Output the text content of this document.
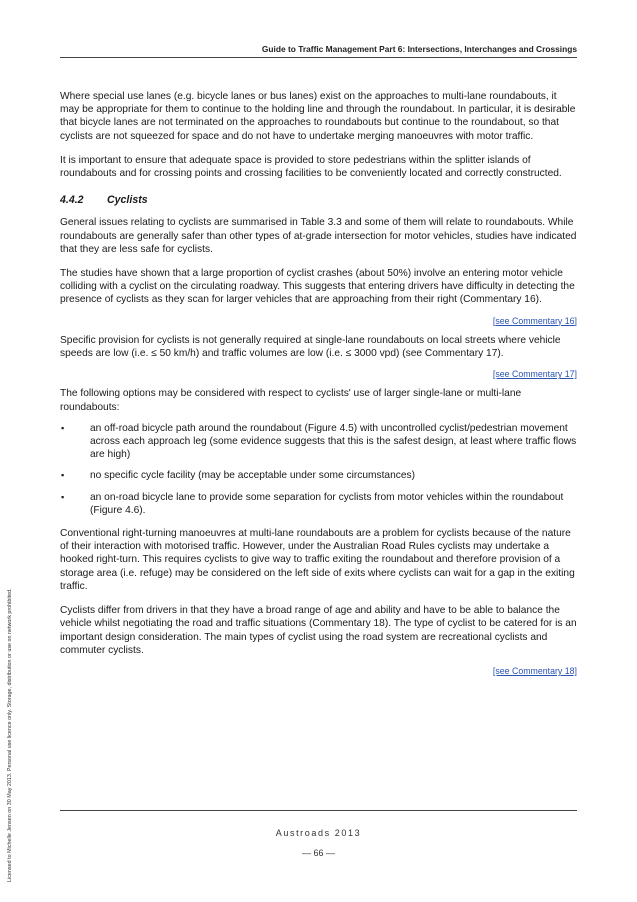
Guide to Traffic Management Part 6: Intersections, Interchanges and Crossings

Where special use lanes (e.g. bicycle lanes or bus lanes) exist on the approaches to multi-lane roundabouts, it may be appropriate for them to continue to the holding line and through the roundabout. In particular, it is desirable that bicycle lanes are not terminated on the approaches to roundabouts but continue to the roundabout, so that cyclists are not squeezed for space and do not have to undertake merging manoeuvres with motor traffic.

It is important to ensure that adequate space is provided to store pedestrians within the splitter islands of roundabouts and for crossing points and crossing facilities to be conveniently located and correctly constructed.

4.4.2	Cyclists

General issues relating to cyclists are summarised in Table 3.3 and some of them will relate to roundabouts. While roundabouts are generally safer than other types of at-grade intersection for motor vehicles, studies have indicated that they are less safe for cyclists.

The studies have shown that a large proportion of cyclist crashes (about 50%) involve an entering motor vehicle colliding with a cyclist on the circulating roadway. This suggests that entering drivers have difficulty in detecting the presence of cyclists as they scan for larger vehicles that are approaching from their right (Commentary 16).

[see Commentary 16]

Specific provision for cyclists is not generally required at single-lane roundabouts on local streets where vehicle speeds are low (i.e. ≤ 50 km/h) and traffic volumes are low (i.e. ≤ 3000 vpd) (see Commentary 17).

[see Commentary 17]

The following options may be considered with respect to cyclists' use of larger single-lane or multi-lane roundabouts:

▪	an off-road bicycle path around the roundabout (Figure 4.5) with uncontrolled cyclist/pedestrian movement across each approach leg (some evidence suggests that this is the safest design, at least where traffic flows are high)
▪	no specific cycle facility (may be acceptable under some circumstances)
▪	an on-road bicycle lane to provide some separation for cyclists from motor vehicles within the roundabout (Figure 4.6).

Conventional right-turning manoeuvres at multi-lane roundabouts are a problem for cyclists because of the nature of their interaction with motorised traffic. However, under the Australian Road Rules cyclists may undertake a hooked right-turn. This requires cyclists to give way to traffic exiting the roundabout and therefore provision of a storage area (i.e. refuge) may be considered on the left side of exits where cyclists can wait for a gap in the exiting traffic.

Cyclists differ from drivers in that they have a broad range of age and ability and have to be able to balance the vehicle whilst negotiating the road and traffic situations (Commentary 18). The type of cyclist to be catered for is an important design consideration. The main types of cyclist using the road system are recreational cyclists and commuter cyclists.

[see Commentary 18]
Austroads 2013
— 66 —
Licensed to Michelle Jensen on 30 May 2013. Personal use licence only. Storage, distribution or use on network prohibited.
